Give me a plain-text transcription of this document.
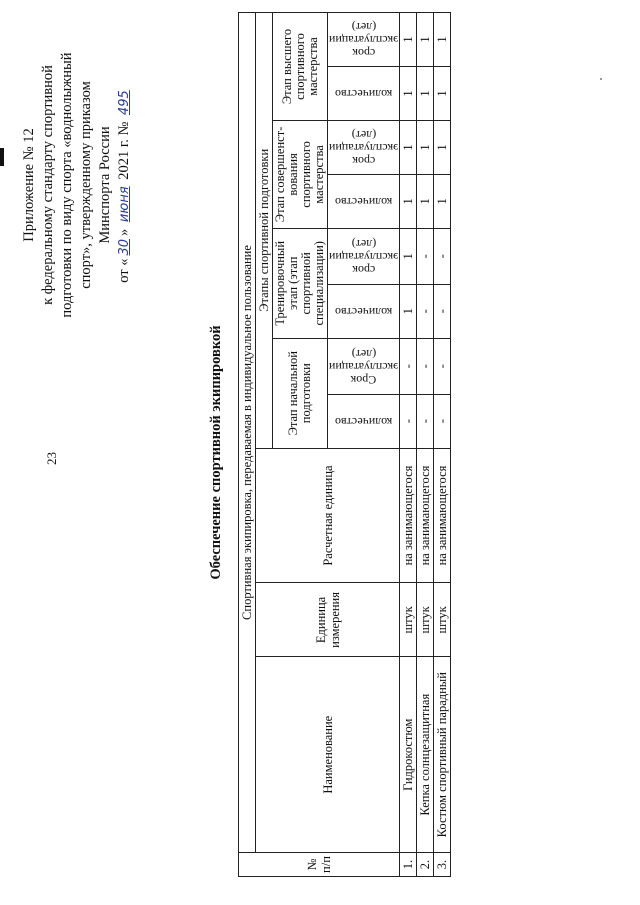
23
Приложение № 12 к федеральному стандарту спортивной подготовки по виду спорта «воднолыжный спорт», утвержденному приказом Минспорта России
от «30» июня 2021 г. № 495
Обеспечение спортивной экипировкой
№ п/п	Спортивная экипировка, передаваемая в индивидуальное пользование										
	Наименование	Единица измерения	Расчетная единица	Этапы спортивной подготовки							
				Этап начальной подготовки		Тренировочный этап (этап спортивной специализации)		Этап совершенст-вования спортивного мастерства		Этап высшего спортивного мастерства	

				количество	Срок эксплуатации (лет)	количество	срок эксплуатации (лет)	количество	срок эксплуатации (лет)	количество	срок эксплуатации (лет)

1.	Гидрокостюм	штук	на занимающегося	-	-	1	1	1	1	1	1
2.	Кепка солнцезащитная	штук	на занимающегося	-	-	-	-	1	1	1	1
3.	Костюм спортивный парадный	штук	на занимающегося	-	-	-	-	1	1	1	1
